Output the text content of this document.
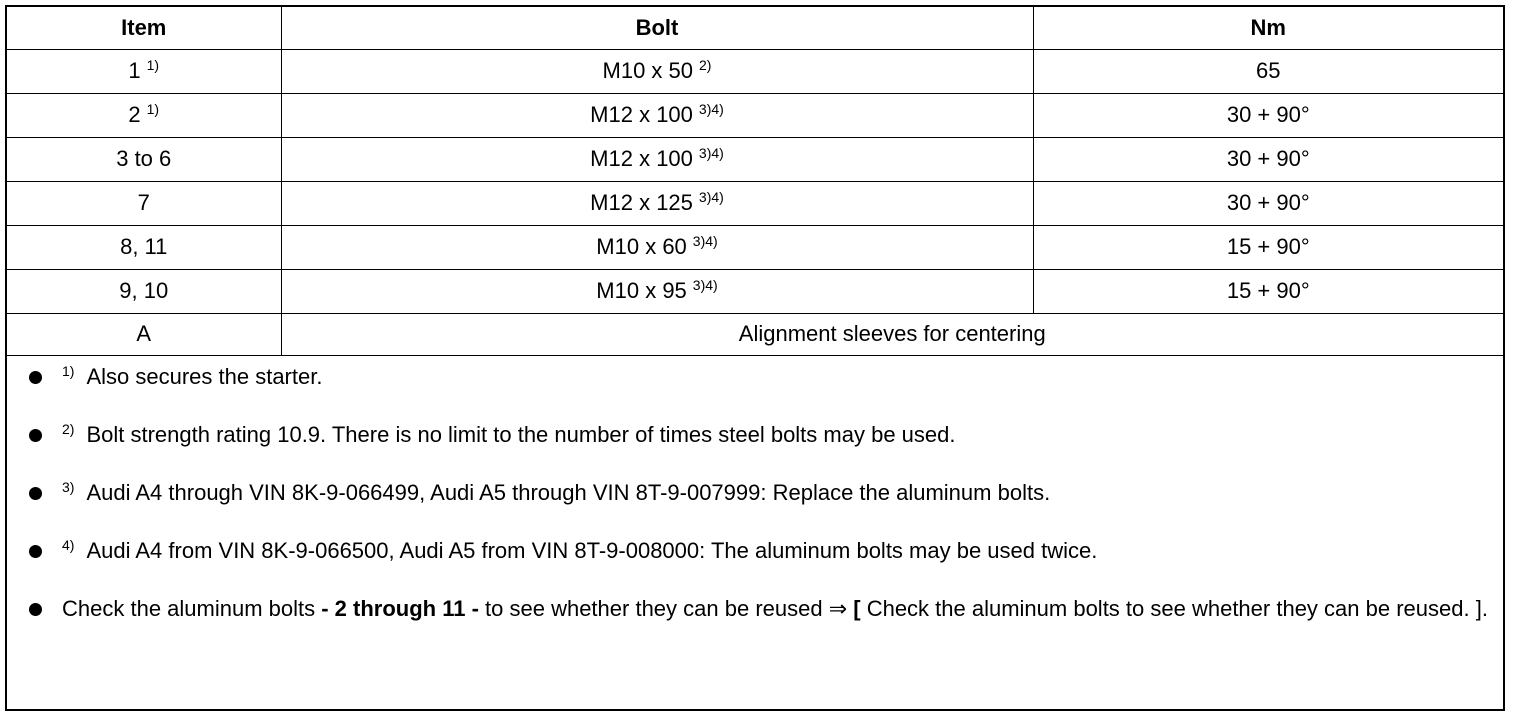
Item	Bolt	Nm
1 $^{1)}$	M10 x 50 $^{2)}$	65
2 $^{1)}$	M12 x 100 $^{3)4)}$	30 + 90°
3 to 6	M12 x 100 $^{3)4)}$	30 + 90°
7	M12 x 125 $^{3)4)}$	30 + 90°
8, 11	M10 x 60 $^{3)4)}$	15 + 90°
9, 10	M10 x 95 $^{3)4)}$	15 + 90°
A	Alignment sleeves for centering	
$^{1)}$ Also secures the starter.
$^{2)}$ Bolt strength rating 10.9. There is no limit to the number of times steel bolts may be used.
$^{3)}$ Audi A4 through VIN 8K-9-066499, Audi A5 through VIN 8T-9-007999: Replace the aluminum bolts.
$^{4)}$ Audi A4 from VIN 8K-9-066500, Audi A5 from VIN 8T-9-008000: The aluminum bolts may be used twice.
Check the aluminum bolts - 2 through 11 - to see whether they can be reused ⇒ [ Check the aluminum bolts to see whether they can be reused. ].
